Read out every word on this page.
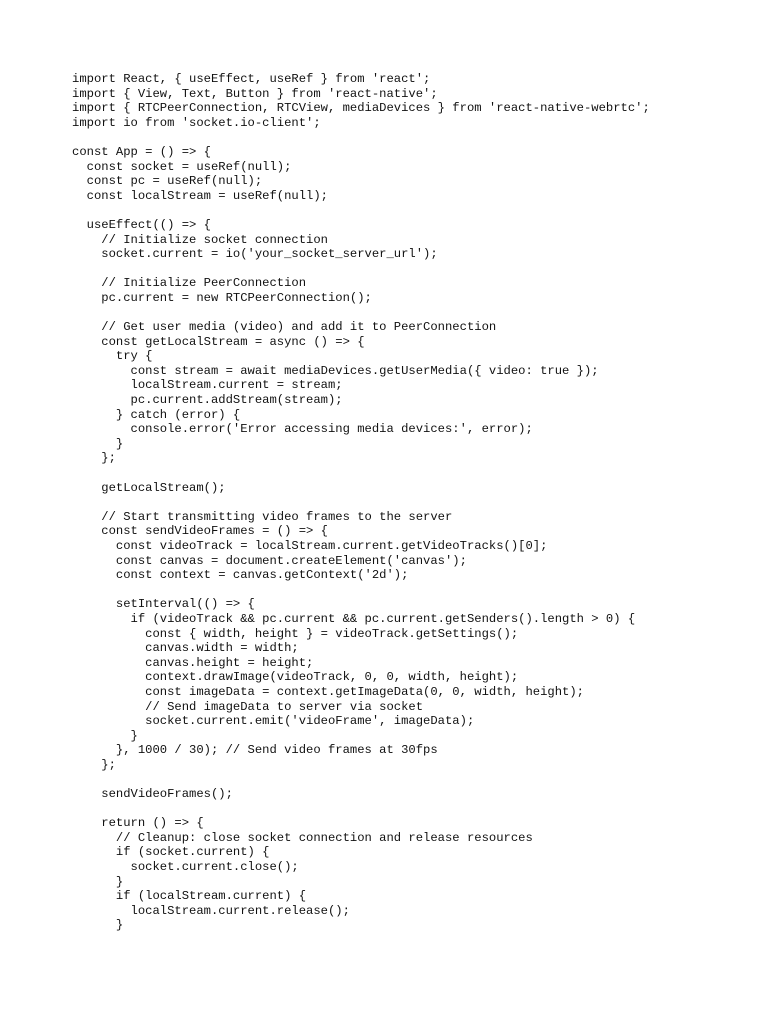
import React, { useEffect, useRef } from 'react';
import { View, Text, Button } from 'react-native';
import { RTCPeerConnection, RTCView, mediaDevices } from 'react-native-webrtc';
import io from 'socket.io-client';
const App = () => {
const socket = useRef(null);
const pc = useRef(null);
const localStream = useRef(null);
useEffect(() => {
// Initialize socket connection
socket.current = io('your_socket_server_url');
// Initialize PeerConnection
pc.current = new RTCPeerConnection();
// Get user media (video) and add it to PeerConnection
const getLocalStream = async () => {
try {
const stream = await mediaDevices.getUserMedia({ video: true });
localStream.current = stream;
pc.current.addStream(stream);
} catch (error) {
console.error('Error accessing media devices:', error);
}
};
getLocalStream();
// Start transmitting video frames to the server
const sendVideoFrames = () => {
const videoTrack = localStream.current.getVideoTracks()[0];
const canvas = document.createElement('canvas');
const context = canvas.getContext('2d');
setInterval(() => {
if (videoTrack && pc.current && pc.current.getSenders().length > 0) {
const { width, height } = videoTrack.getSettings();
canvas.width = width;
canvas.height = height;
context.drawImage(videoTrack, 0, 0, width, height);
const imageData = context.getImageData(0, 0, width, height);
// Send imageData to server via socket
socket.current.emit('videoFrame', imageData);
}
}, 1000 / 30); // Send video frames at 30fps
};
sendVideoFrames();
return () => {
// Cleanup: close socket connection and release resources
if (socket.current) {
socket.current.close();
}
if (localStream.current) {
localStream.current.release();
}
